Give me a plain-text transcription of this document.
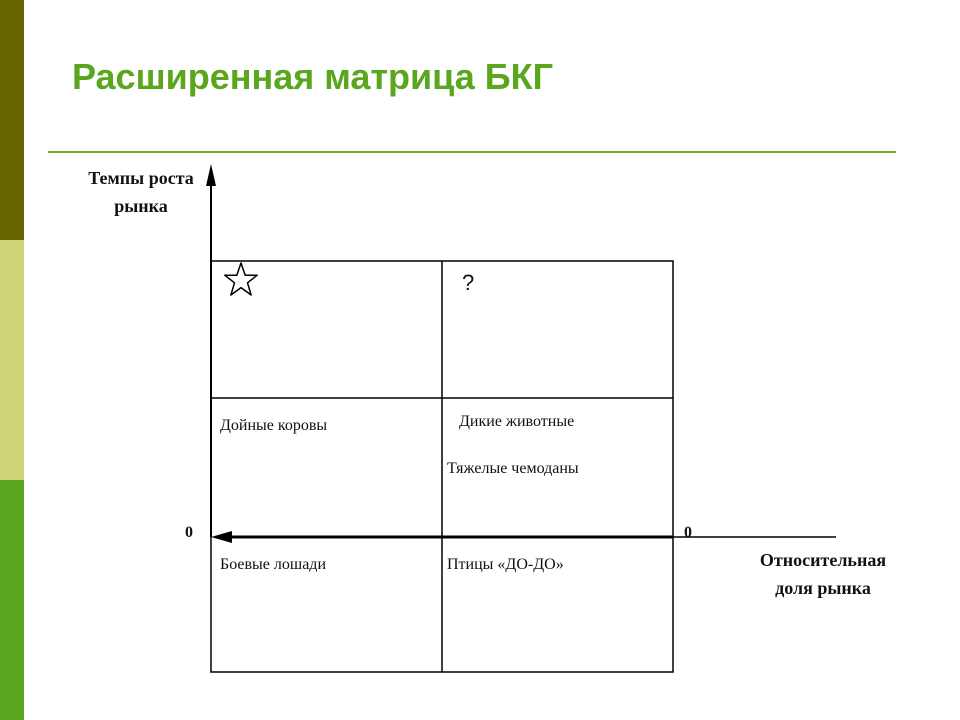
Расширенная матрица БКГ
Темпы роста
рынка
Относительная
доля рынка
0	0
?
Дойные коровы	Дикие животные
Тяжелые чемоданы
Боевые лошади	Птицы «ДО-ДО»
